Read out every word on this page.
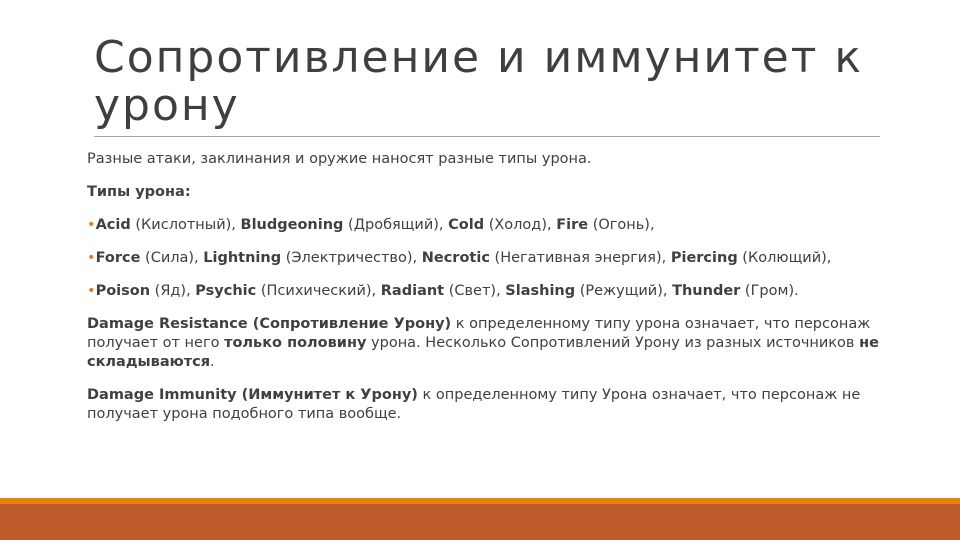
Сопротивление и иммунитет к урону

Разные атаки, заклинания и оружие наносят разные типы урона.

Типы урона:

•Acid (Кислотный), Bludgeoning (Дробящий), Cold (Холод), Fire (Огонь),

•Force (Сила), Lightning (Электричество), Necrotic (Негативная энергия), Piercing (Колющий),

•Poison (Яд), Psychic (Психический), Radiant (Свет), Slashing (Режущий), Thunder (Гром).

Damage Resistance (Сопротивление Урону) к определенному типу урона означает, что персонаж получает от него только половину урона. Несколько Сопротивлений Урону из разных источников не складываются.

Damage Immunity (Иммунитет к Урону) к определенному типу Урона означает, что персонаж не получает урона подобного типа вообще.
